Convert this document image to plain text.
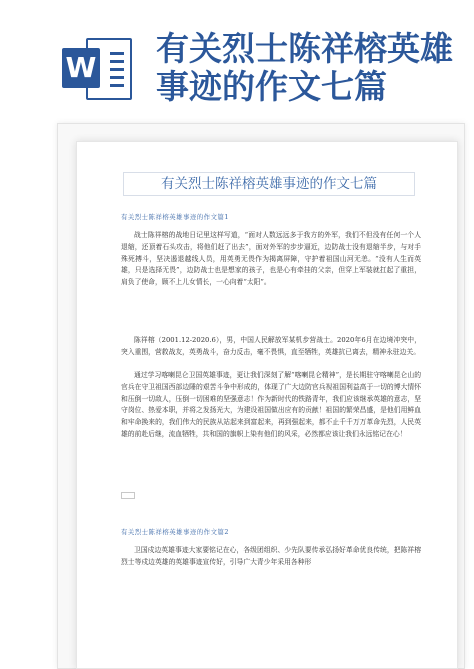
W 有关烈士陈祥榕英雄事迹的作文七篇
有关烈士陈祥榕英雄事迹的作文七篇
有关烈士陈祥榕英雄事迹的作文篇1
战士陈祥榕的战地日记里这样写道，“面对人数远远多于我方的外军，我们不但没有任何一个人退缩，还顶着石头攻击，将他们赶了出去”，面对外军的步步逼近，边防战士没有退缩半步，与对手殊死搏斗，坚决遏退越线人员，用英勇无畏作为揭离屏障，守护着祖国山河无恙。“没有人生而英雄，只是选择无畏”，边防战士也是想家的孩子，也是心有牵挂的父亲，但穿上军装就扛起了重担，肩负了使命，顾不上儿女情长，一心向着“太阳”。
陈祥榕（2001.12-2020.6），男，中国人民解放军某机步营战士。2020年6月在边境冲突中，突入重围，营救战友，英勇战斗，奋力反击，毫不畏惧，直至牺牲，英雄抗已离去，精神永驻边关。
通过学习喀喇昆仑卫国英雄事迹，更让我们深刻了解“喀喇昆仑精神”，是长期驻守喀喇昆仑山的官兵在守卫祖国西部边陲的艰苦斗争中形成的，体现了广大边防官兵视祖国利益高于一切的博大情怀和压倒一切敌人，压倒一切困难的坚强意志！作为新时代的铁路青年，我们应该继承英雄的意志，坚守岗位、热爱本职，并将之发扬光大，为建设祖国做出应有的贡献！祖国的繁荣昌盛，是他们用鲜血和牢命换来的，我们伟大的民族从站起来到富起来，再到强起来，都不止千千万万革命先烈，人民英雄的前赴后继，流血牺牲，共和国的旗帜上染有他们的风采，必然都应该让我们永远铭记在心！
有关烈士陈祥榕英雄事迹的作文篇2
卫国戍边英雄事迹大家要铭记在心，各级团组织、少先队要传承弘扬好革命优良传统，把陈祥榕烈士等戍边英雄的英雄事迹宣传好，引导广大青少年采用各种形
